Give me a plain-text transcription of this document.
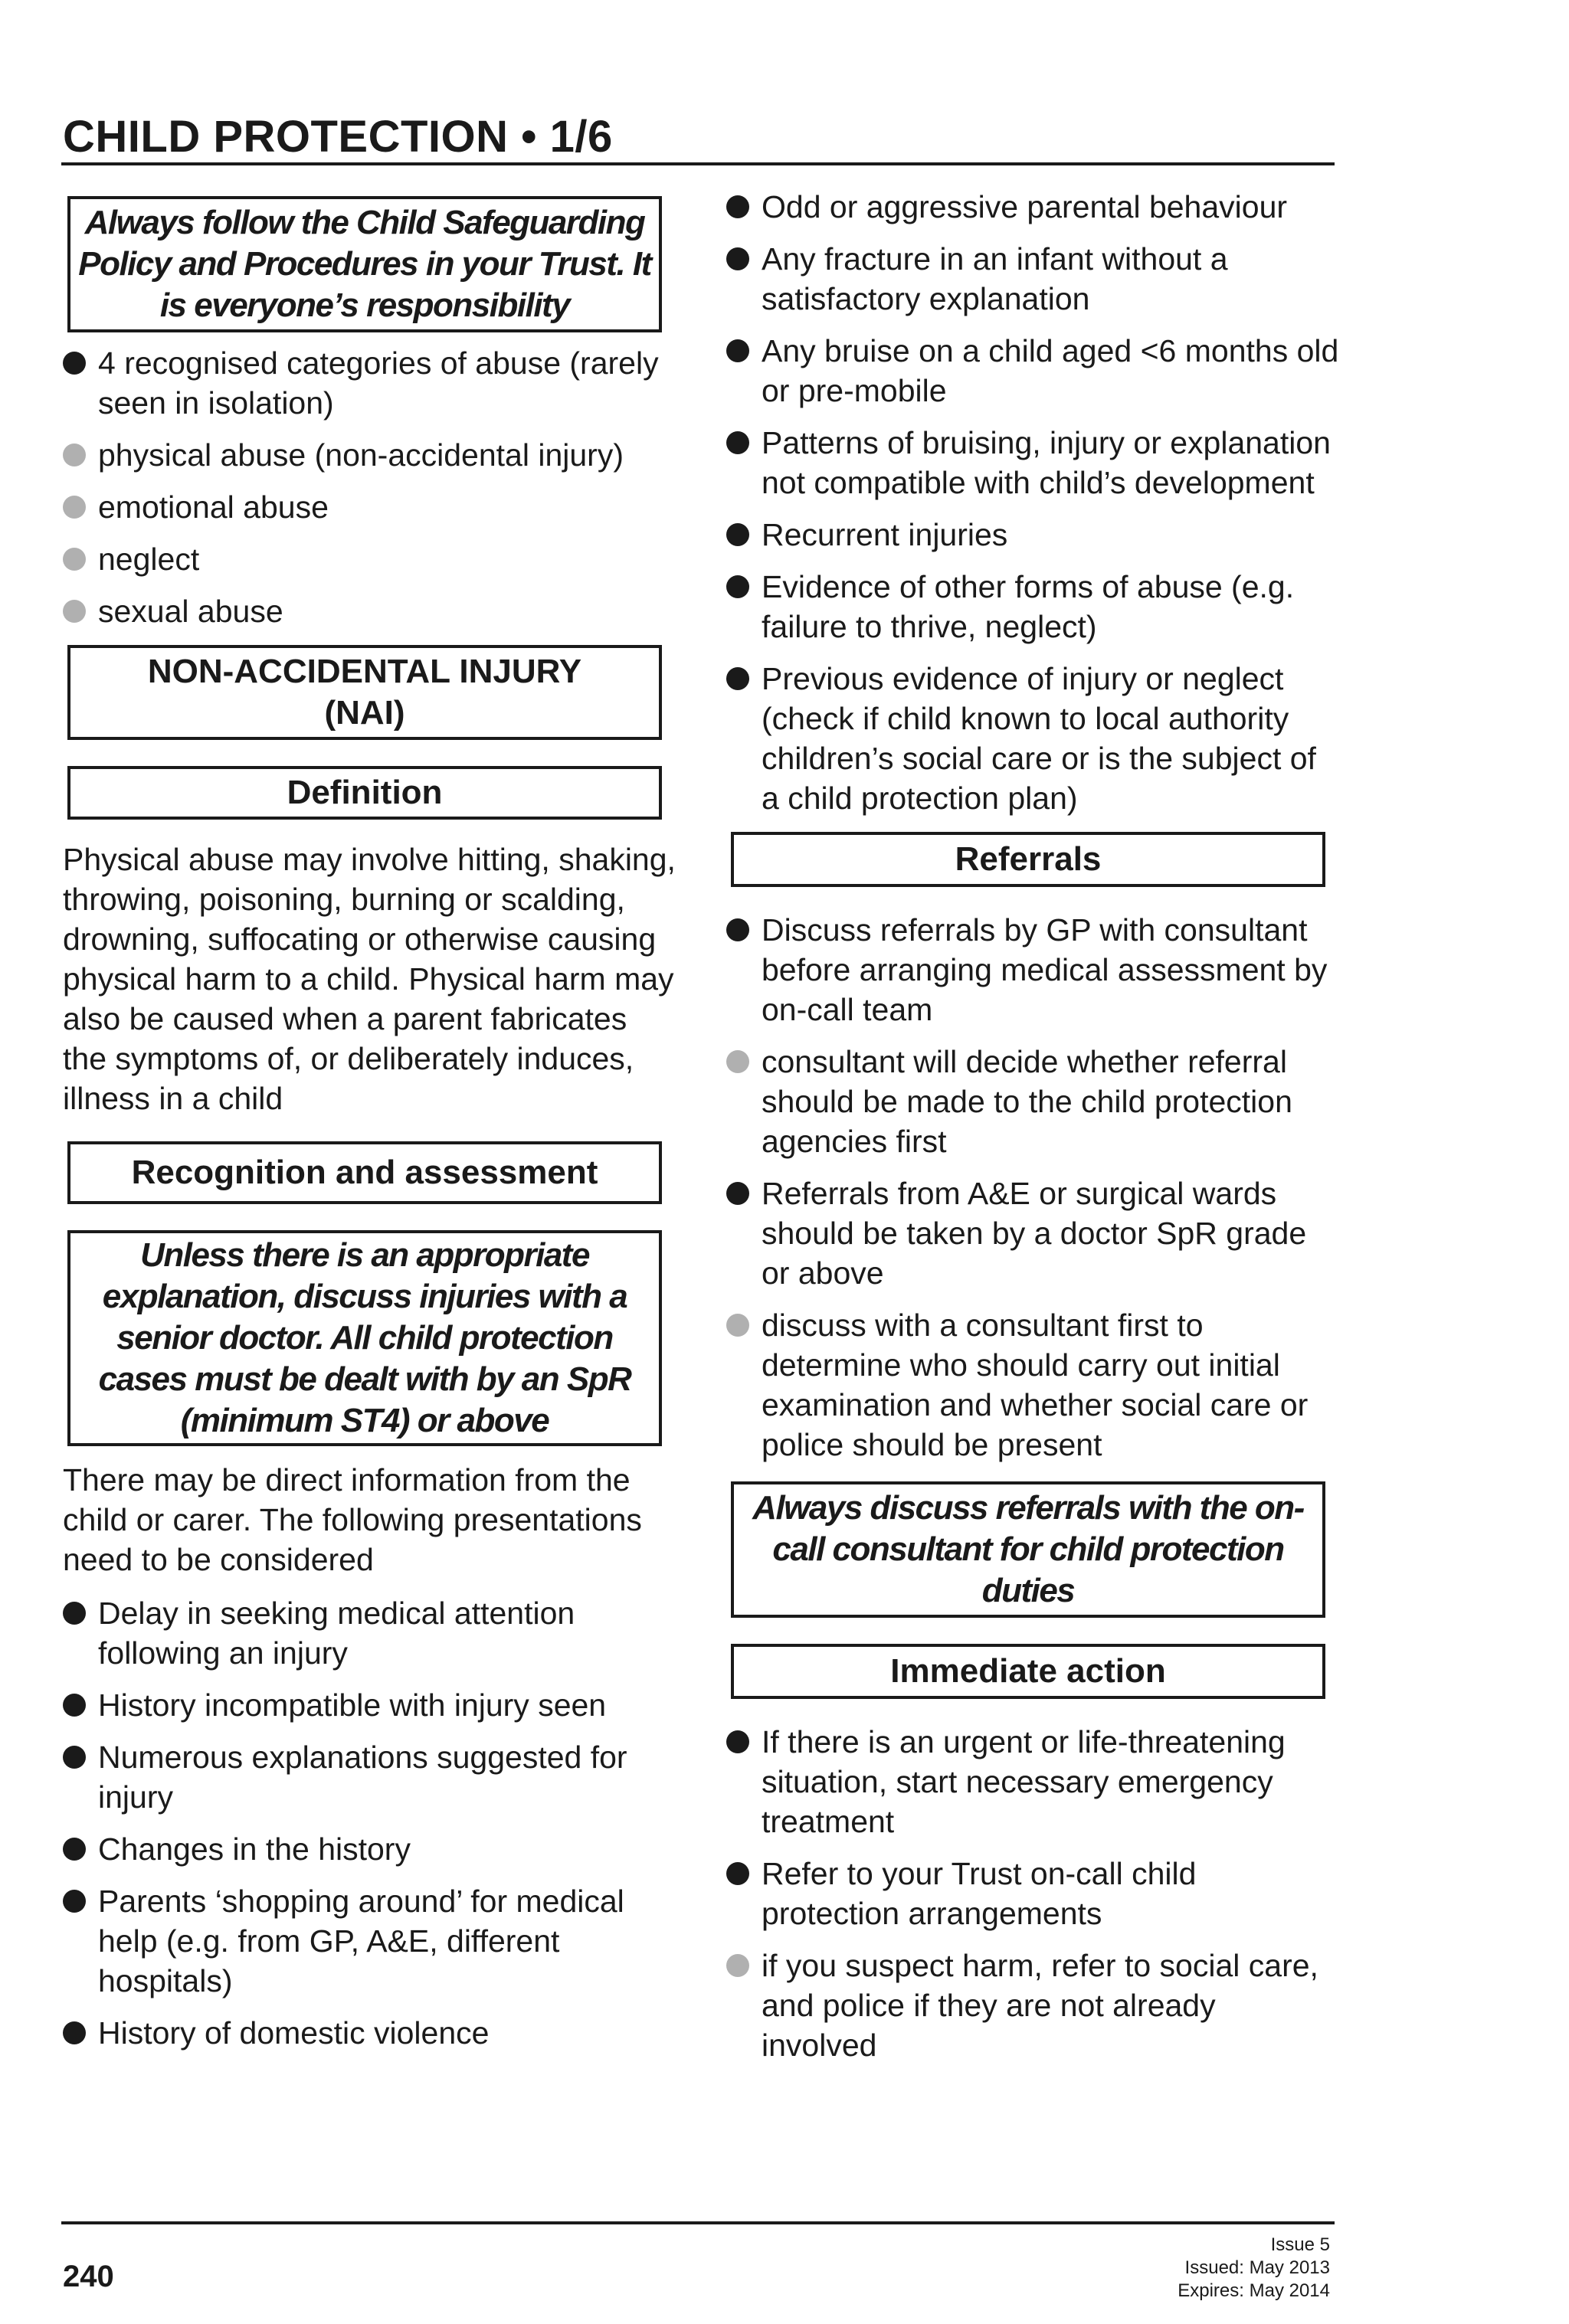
CHILD PROTECTION • 1/6
Always follow the Child Safeguarding Policy and Procedures in your Trust. It is everyone’s responsibility
4 recognised categories of abuse (rarely seen in isolation)
physical abuse (non-accidental injury)
emotional abuse
neglect
sexual abuse
NON-ACCIDENTAL INJURY (NAI)
Definition

Physical abuse may involve hitting, shaking, throwing, poisoning, burning or scalding, drowning, suffocating or otherwise causing physical harm to a child. Physical harm may also be caused when a parent fabricates the symptoms of, or deliberately induces, illness in a child

Recognition and assessment
Unless there is an appropriate explanation, discuss injuries with a senior doctor. All child protection cases must be dealt with by an SpR (minimum ST4) or above

There may be direct information from the child or carer. The following presentations need to be considered

Delay in seeking medical attention following an injury
History incompatible with injury seen
Numerous explanations suggested for injury
Changes in the history
Parents ‘shopping around’ for medical help (e.g. from GP, A&E, different hospitals)
History of domestic violence
Odd or aggressive parental behaviour
Any fracture in an infant without a satisfactory explanation
Any bruise on a child aged <6 months old or pre-mobile
Patterns of bruising, injury or explanation not compatible with child’s development
Recurrent injuries
Evidence of other forms of abuse (e.g. failure to thrive, neglect)
Previous evidence of injury or neglect (check if child known to local authority children’s social care or is the subject of a child protection plan)
Referrals
Discuss referrals by GP with consultant before arranging medical assessment by on-call team
consultant will decide whether referral should be made to the child protection agencies first
Referrals from A&E or surgical wards should be taken by a doctor SpR grade or above
discuss with a consultant first to determine who should carry out initial examination and whether social care or police should be present
Always discuss referrals with the on-call consultant for child protection duties
Immediate action
If there is an urgent or life-threatening situation, start necessary emergency treatment
Refer to your Trust on-call child protection arrangements
if you suspect harm, refer to social care, and police if they are not already involved
240
Issue 5
Issued: May 2013
Expires: May 2014
